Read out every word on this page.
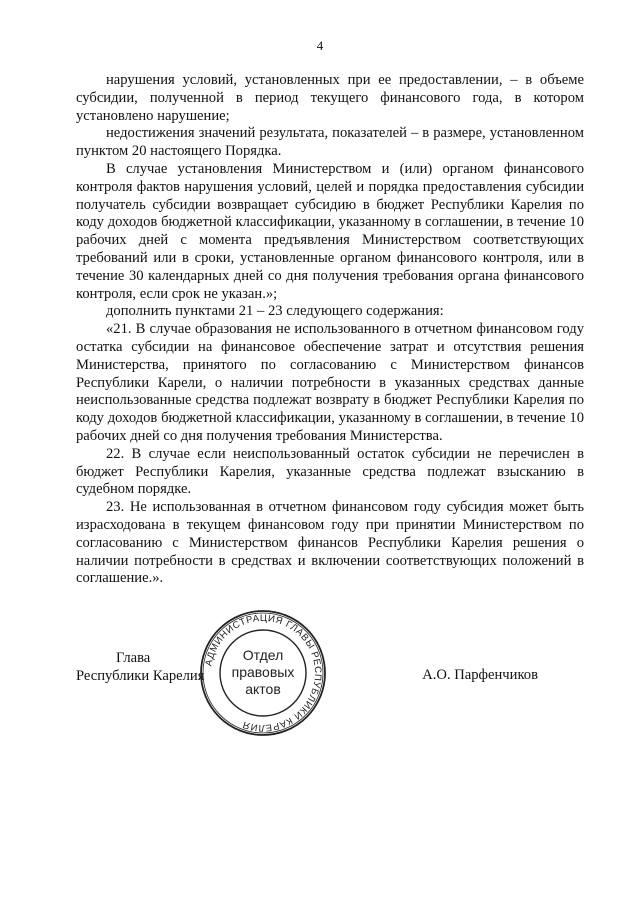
4

нарушения условий, установленных при ее предоставлении, – в объеме субсидии, полученной в период текущего финансового года, в котором установлено нарушение;

недостижения значений результата, показателей – в размере, установленном пунктом 20 настоящего Порядка.

В случае установления Министерством и (или) органом финансового контроля фактов нарушения условий, целей и порядка предоставления субсидии получатель субсидии возвращает субсидию в бюджет Республики Карелия по коду доходов бюджетной классификации, указанному в соглашении, в течение 10 рабочих дней с момента предъявления Министерством соответствующих требований или в сроки, установленные органом финансового контроля, или в течение 30 календарных дней со дня получения требования органа финансового контроля, если срок не указан.»;

дополнить пунктами 21 – 23 следующего содержания:

«21. В случае образования не использованного в отчетном финансовом году остатка субсидии на финансовое обеспечение затрат и отсутствия решения Министерства, принятого по согласованию с Министерством финансов Республики Карели, о наличии потребности в указанных средствах данные неиспользованные средства подлежат возврату в бюджет Республики Карелия по коду доходов бюджетной классификации, указанному в соглашении, в течение 10 рабочих дней со дня получения требования Министерства.

22. В случае если неиспользованный остаток субсидии не перечислен в бюджет Республики Карелия, указанные средства подлежат взысканию в судебном порядке.

23. Не использованная в отчетном финансовом году субсидия может быть израсходована в текущем финансовом году при принятии Министерством по согласованию с Министерством финансов Республики Карелия решения о наличии потребности в средствах и включении соответствующих положений в соглашение.».

Глава
Республики Карелия	А.О. Парфенчиков
АДМИНИСТРАЦИЯ ГЛАВЫ РЕСПУБЛИКИ КАРЕЛИЯ
Отдел
правовых
актов
